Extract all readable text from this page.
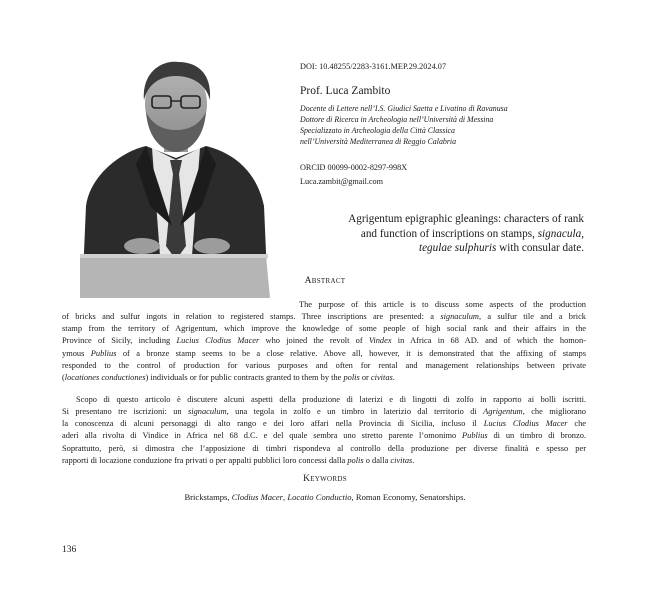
DOI: 10.48255/2283-3161.MEP.29.2024.07

Prof. Luca Zambito

Docente di Lettere nell’I.S. Giudici Saetta e Livatino di Ravanusa
Dottore di Ricerca in Archeologia nell’Università di Messina
Specializzato in Archeologia della Città Classica
nell’Università Mediterranea di Reggio Calabria

ORCID 00099-0002-8297-998X

Luca.zambit@gmail.com

Agrigentum epigraphic gleanings: characters of rank
and function of inscriptions on stamps, signacula,
tegulae sulphuris with consular date.
Abstract
The purpose of this article is to discuss some aspects of the production
of bricks and sulfur ingots in relation to registered stamps. Three inscriptions are presented: a signaculum, a sulfur tile and a brick
stamp from the territory of Agrigentum, which improve the knowledge of some people of high social rank and their affairs in the
Province of Sicily, including Lucius Clodius Macer who joined the revolt of Vindex in Africa in 68 AD. and of which the homon-
ymous Publius of a bronze stamp seems to be a close relative. Above all, however, it is demonstrated that the affixing of stamps
responded to the control of production for various purposes and often for rental and management relationships between private
(locationes conductiones) individuals or for public contracts granted to them by the polis or civitas.
Scopo di questo articolo è discutere alcuni aspetti della produzione di laterizi e di lingotti di zolfo in rapporto ai bolli iscritti.
Si presentano tre iscrizioni: un signaculum, una tegola in zolfo e un timbro in laterizio dal territorio di Agrigentum, che migliorano
la conoscenza di alcuni personaggi di alto rango e dei loro affari nella Provincia di Sicilia, incluso il Lucius Clodius Macer che
aderì alla rivolta di Vindice in Africa nel 68 d.C. e del quale sembra uno stretto parente l’omonimo Publius di un timbro di bronzo.
Soprattutto, però, si dimostra che l’apposizione di timbri rispondeva al controllo della produzione per diverse finalità e spesso per
rapporti di locazione conduzione fra privati o per appalti pubblici loro concessi dalla polis o dalla civitas.
Keywords
Brickstamps, Clodius Macer, Locatio Conductio, Roman Economy, Senatorships.
136
